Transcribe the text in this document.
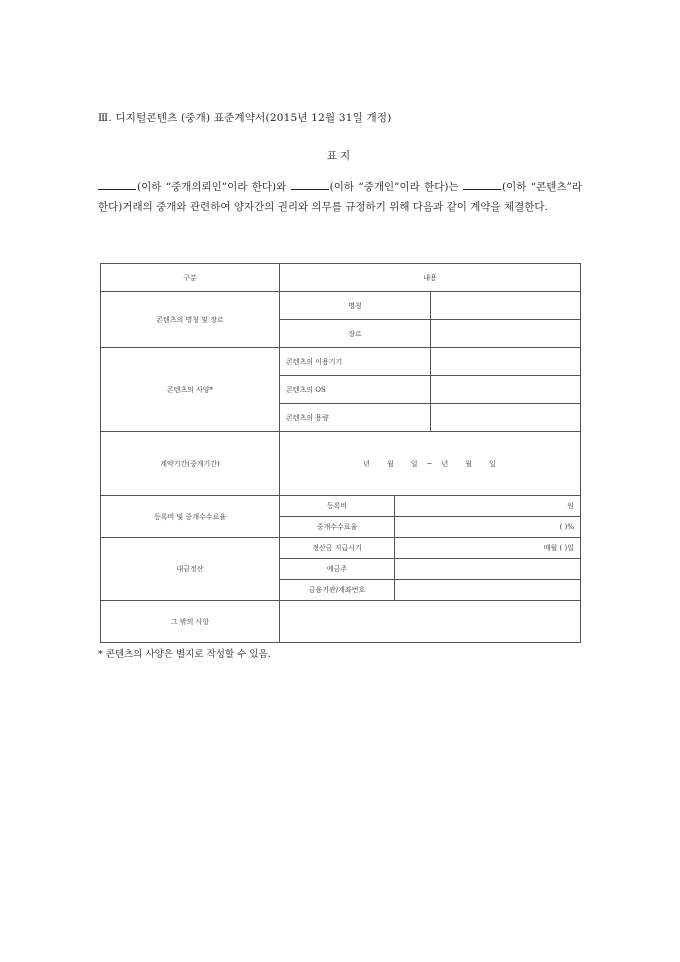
Ⅲ. 디지털콘텐츠 (중개) 표준계약서(2015년 12월 31일 개정)
표지
(이하 “중개의뢰인”이라 한다)와	(이하 “중개인”이라 한다)는	(이하 “콘텐츠”라 한다)거래의 중개와 관련하여 양자간의 권리와 의무를 규정하기 위해 다음과 같이 계약을 체결한다.
구분	내용		
콘텐츠의 명칭 및 장르	명칭		
	장르		
콘텐츠의 사양*	콘텐츠의 이용기기		
	콘텐츠의 OS		
	콘텐츠의 용량		
계약기간(중개기간)	년 월 일 ~ 년 월 일		
등록비 및 중개수수료율	등록비	원	
	중개수수료율	( )%	
대금정산	정산금 지급시기	매월 ( )일	
	예금주		
	금융기관/계좌번호		
그 밖의 사항			
* 콘텐츠의 사양은 별지로 작성할 수 있음.
